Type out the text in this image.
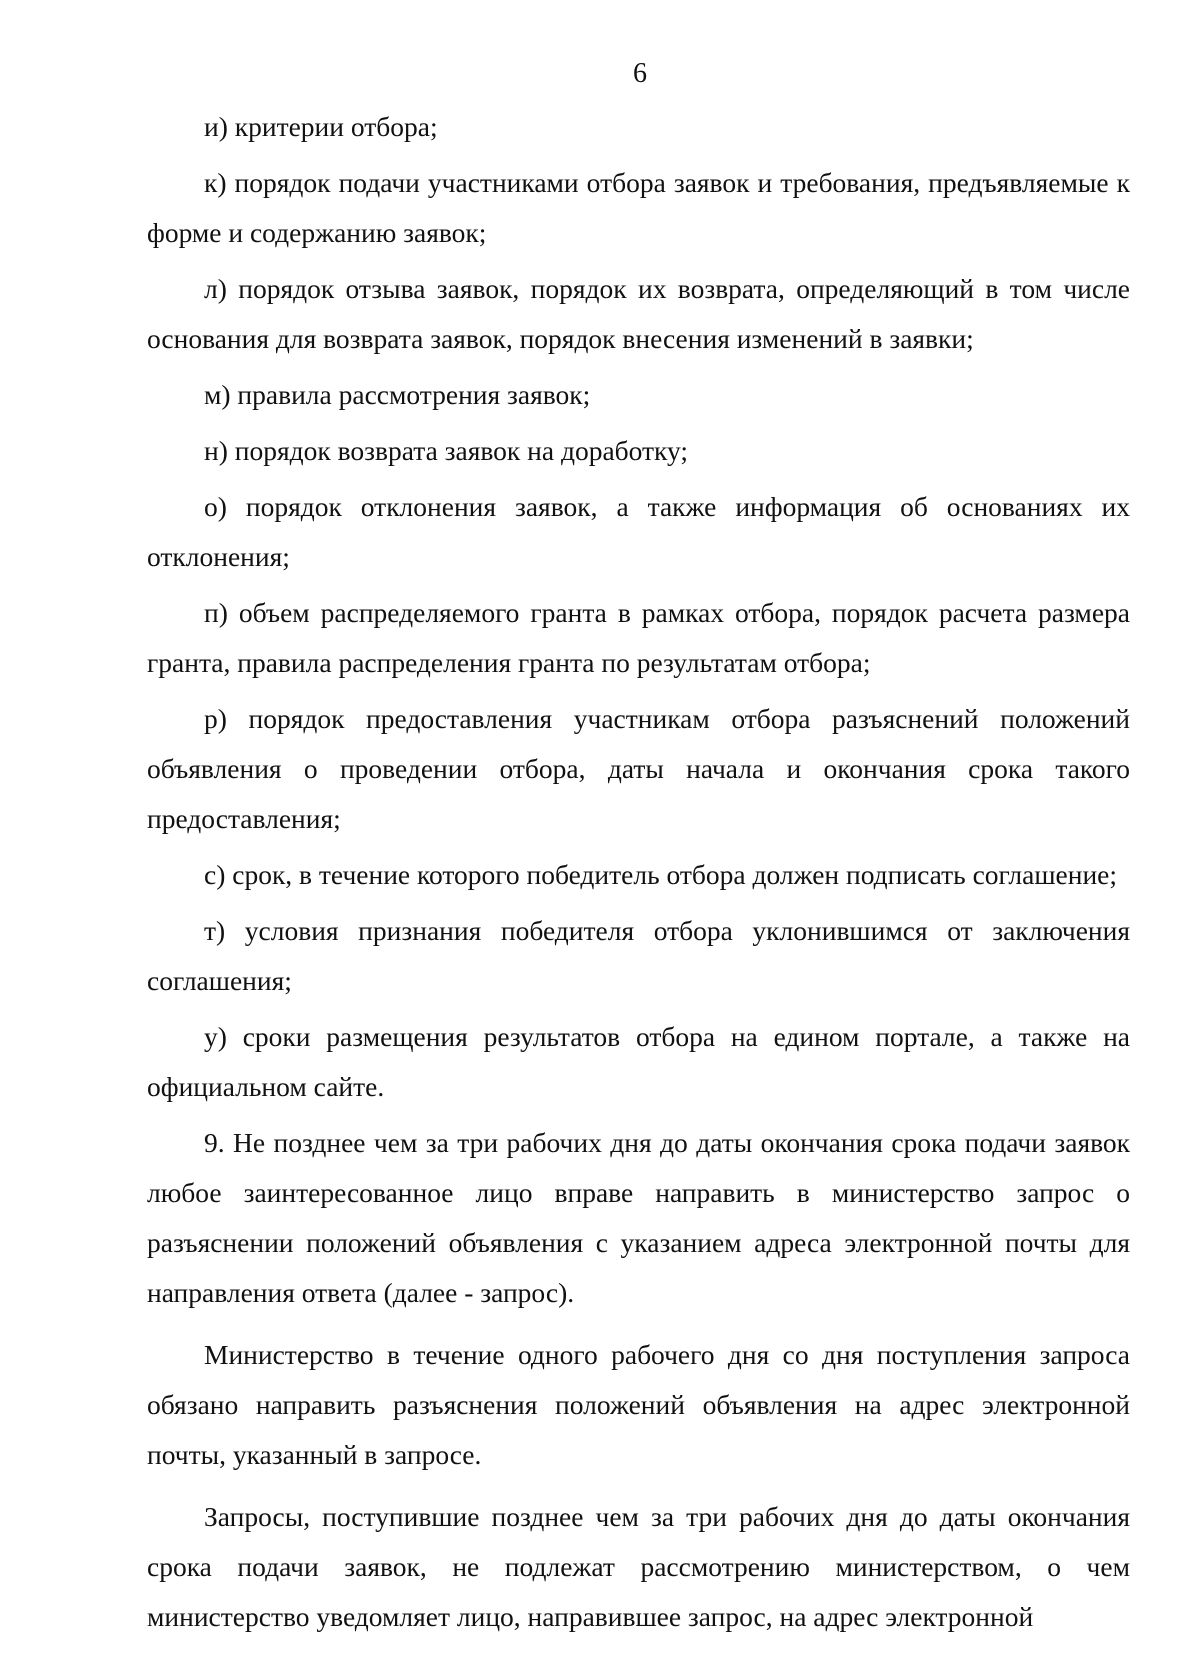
6

и) критерии отбора;

к) порядок подачи участниками отбора заявок и требования, предъявляемые к форме и содержанию заявок;

л) порядок отзыва заявок, порядок их возврата, определяющий в том числе основания для возврата заявок, порядок внесения изменений в заявки;

м) правила рассмотрения заявок;

н) порядок возврата заявок на доработку;

о) порядок отклонения заявок, а также информация об основаниях их отклонения;

п) объем распределяемого гранта в рамках отбора, порядок расчета размера гранта, правила распределения гранта по результатам отбора;

р) порядок предоставления участникам отбора разъяснений положений объявления о проведении отбора, даты начала и окончания срока такого предоставления;

с) срок, в течение которого победитель отбора должен подписать соглашение;

т) условия признания победителя отбора уклонившимся от заключения соглашения;

у) сроки размещения результатов отбора на едином портале, а также на официальном сайте.

9. Не позднее чем за три рабочих дня до даты окончания срока подачи заявок любое заинтересованное лицо вправе направить в министерство запрос о разъяснении положений объявления с указанием адреса электронной почты для направления ответа (далее - запрос).

Министерство в течение одного рабочего дня со дня поступления запроса обязано направить разъяснения положений объявления на адрес электронной почты, указанный в запросе.

Запросы, поступившие позднее чем за три рабочих дня до даты окончания срока подачи заявок, не подлежат рассмотрению министерством, о чем министерство уведомляет лицо, направившее запрос, на адрес электронной
